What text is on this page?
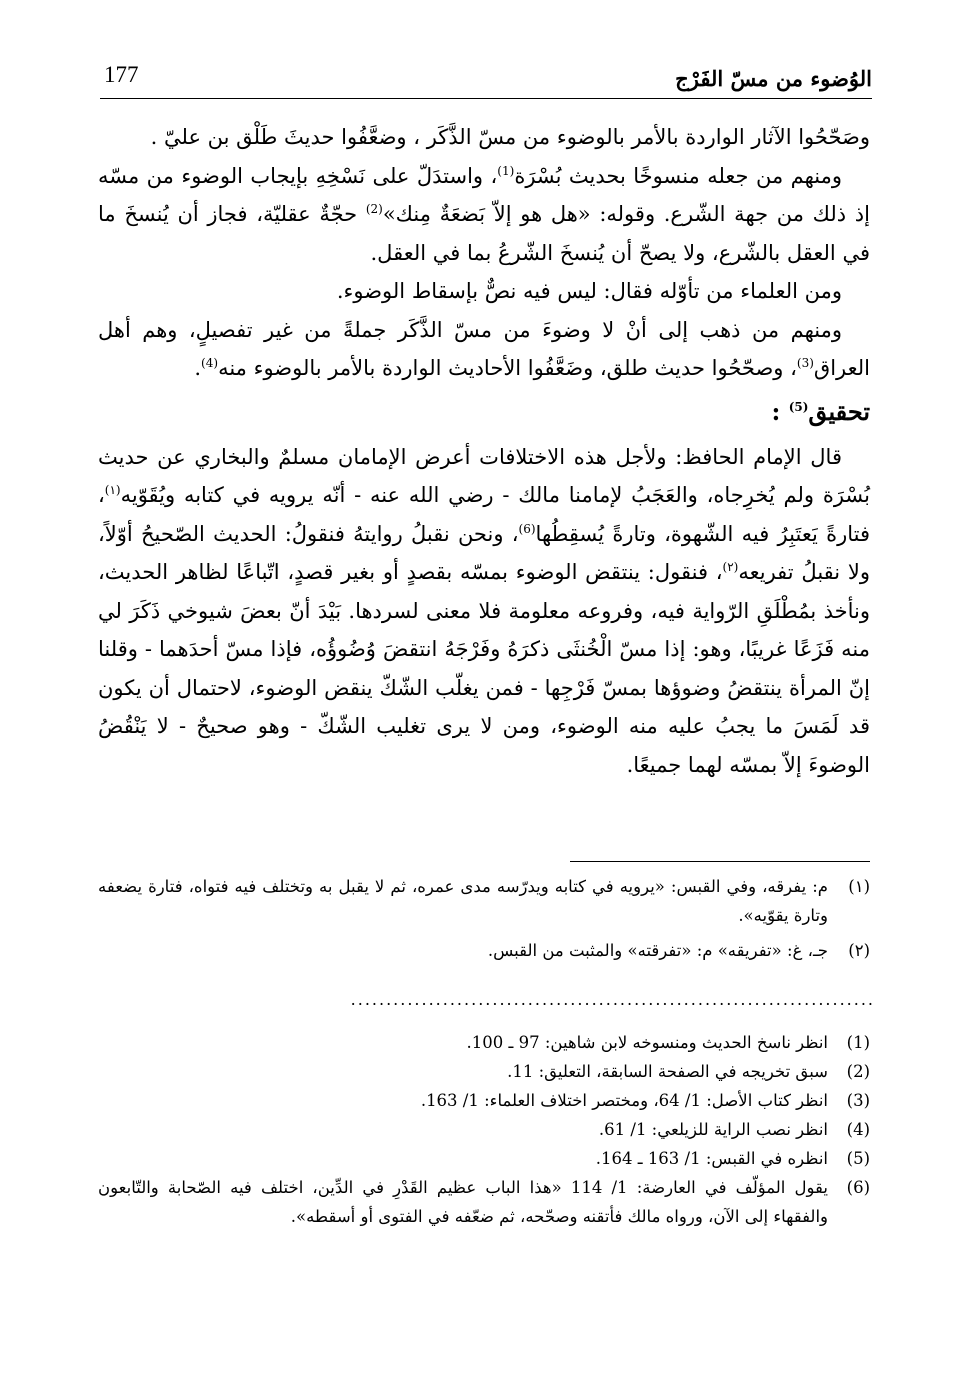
الوُضوء من مسّ الفَرْج
177

وصَحّحُوا الآثار الواردة بالأمر بالوضوء من مسّ الذَّكَر ، وضعَّفُوا حديثَ طَلْق بن عليّ .

ومنهم من جعله منسوخًا بحديث بُسْرَة$^{(1)}$، واستدَلّ على نَسْخِهِ بإيجاب الوضوء من مسّه إذ ذلك من جهة الشّرع. وقوله: «هل هو إلاّ بَضعَةٌ مِنك»$^{(2)}$ حجّةٌ عقليّة، فجاز أن يُنسخَ ما في العقل بالشّرع، ولا يصحّ أن يُنسخَ الشّرعُ بما في العقل.

ومن العلماء من تأوّله فقال: ليس فيه نصٌّ بإسقاط الوضوء.

ومنهم من ذهب إلى أنْ لا وضوءَ من مسّ الذَّكَر جملةً من غير تفصيلٍ، وهم أهل العراق$^{(3)}$، وصحّحُوا حديث طلق، وضَعَّفُوا الأحاديث الواردة بالأمر بالوضوء منه$^{(4)}$.

تحقيق$^{(5)}$ :

قال الإمام الحافظ: ولأجل هذه الاختلافات أعرض الإمامان مسلمٌ والبخاري عن حديث بُسْرَة ولم يُخرِجاه، والعَجَبُ لإمامنا مالك - رضي الله عنه - أنّه يرويه في كتابه ويُقَوّيه$^{(١)}$، فتارةً يَعتَبِرُ فيه الشّهوة، وتارةً يُسقِطُها$^{(6)}$، ونحن نقبلُ روايتهُ فنقولُ: الحديث الصّحيحُ أوّلاً، ولا نقبلُ تفريعه$^{(٢)}$، فنقول: ينتقض الوضوء بمسّه بقصدٍ أو بغير قصدٍ، اتّباعًا لظاهر الحديث، ونأخذ بمُطْلَقِ الرّواية فيه، وفروعه معلومة فلا معنى لسردها. بَيْدَ أنّ بعضَ شيوخي ذَكَرَ لي منه فَزَعًا غريبًا، وهو: إذا مسّ الْخُنثَى ذكرَهُ وفَرْجَهُ انتقضَ وُضُوؤُه، فإذا مسّ أحدَهما - وقلنا إنّ المرأة ينتقضُ وضوؤها بمسّ فَرْجِها - فمن يغلّب الشّكّ ينقض الوضوء، لاحتمال أن يكون قد لَمَسَ ما يجبُ عليه منه الوضوء، ومن لا يرى تغليب الشّكّ - وهو صحيحٌ - لا يَنْقُضُ الوضوءَ إلاّ بمسّه لهما جميعًا.

(١)
م: يفرقه، وفي القبس: «يرويه في كتابه ويدرّسه مدى عمره، ثم لا يقبل به وتختلف فيه فتواه، فتارة يضعفه وتارة يقوّيه».
(٢)
جـ، غ: «تفريقه» م: «تفرقته» والمثبت من القبس.
..........................................................................
(1)
انظر ناسخ الحديث ومنسوخه لابن شاهين: 97 ـ 100.
(2)
سبق تخريجه في الصفحة السابقة، التعليق: 11.
(3)
انظر كتاب الأصل: 1/ 64، ومختصر اختلاف العلماء: 1/ 163.
(4)
انظر نصب الراية للزيلعي: 1/ 61.
(5)
انظره في القبس: 1/ 163 ـ 164.
(6)
يقول المؤلّف في العارضة: 1/ 114 «هذا الباب عظيم القَدْرِ في الدِّين، اختلف فيه الصّحابة والتّابعون والفقهاء إلى الآن، ورواه مالك فأتقنه وصحّحه، ثم ضعّفه في الفتوى أو أسقطه».
